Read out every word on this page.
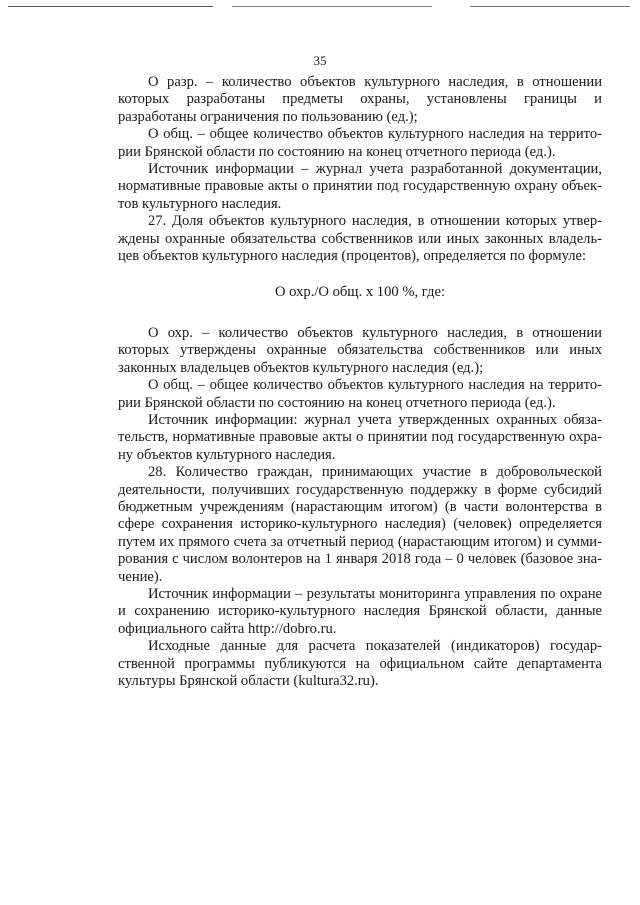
35

О разр. – количество объектов культурного наследия, в отношении которых разработаны предметы охраны, установлены границы и разработаны ограничения по пользованию (ед.);

О общ. – общее количество объектов культурного наследия на территории Брянской области по состоянию на конец отчетного периода (ед.).

Источник информации – журнал учета разработанной документации, нормативные правовые акты о принятии под государственную охрану объектов культурного наследия.

27. Доля объектов культурного наследия, в отношении которых утверждены охранные обязательства собственников или иных законных владельцев объектов культурного наследия (процентов), определяется по формуле:

О охр./О общ. х 100 %, где:

О охр. – количество объектов культурного наследия, в отношении которых утверждены охранные обязательства собственников или иных законных владельцев объектов культурного наследия (ед.);

О общ. – общее количество объектов культурного наследия на территории Брянской области по состоянию на конец отчетного периода (ед.).

Источник информации: журнал учета утвержденных охранных обязательств, нормативные правовые акты о принятии под государственную охрану объектов культурного наследия.

28. Количество граждан, принимающих участие в добровольческой деятельности, получивших государственную поддержку в форме субсидий бюджетным учреждениям (нарастающим итогом) (в части волонтерства в сфере сохранения историко-культурного наследия) (человек) определяется путем их прямого счета за отчетный период (нарастающим итогом) и суммирования с числом волонтеров на 1 января 2018 года – 0 человек (базовое значение).

Источник информации – результаты мониторинга управления по охране и сохранению историко-культурного наследия Брянской области, данные официального сайта http://dobro.ru.

Исходные данные для расчета показателей (индикаторов) государственной программы публикуются на официальном сайте департамента культуры Брянской области (kultura32.ru).
